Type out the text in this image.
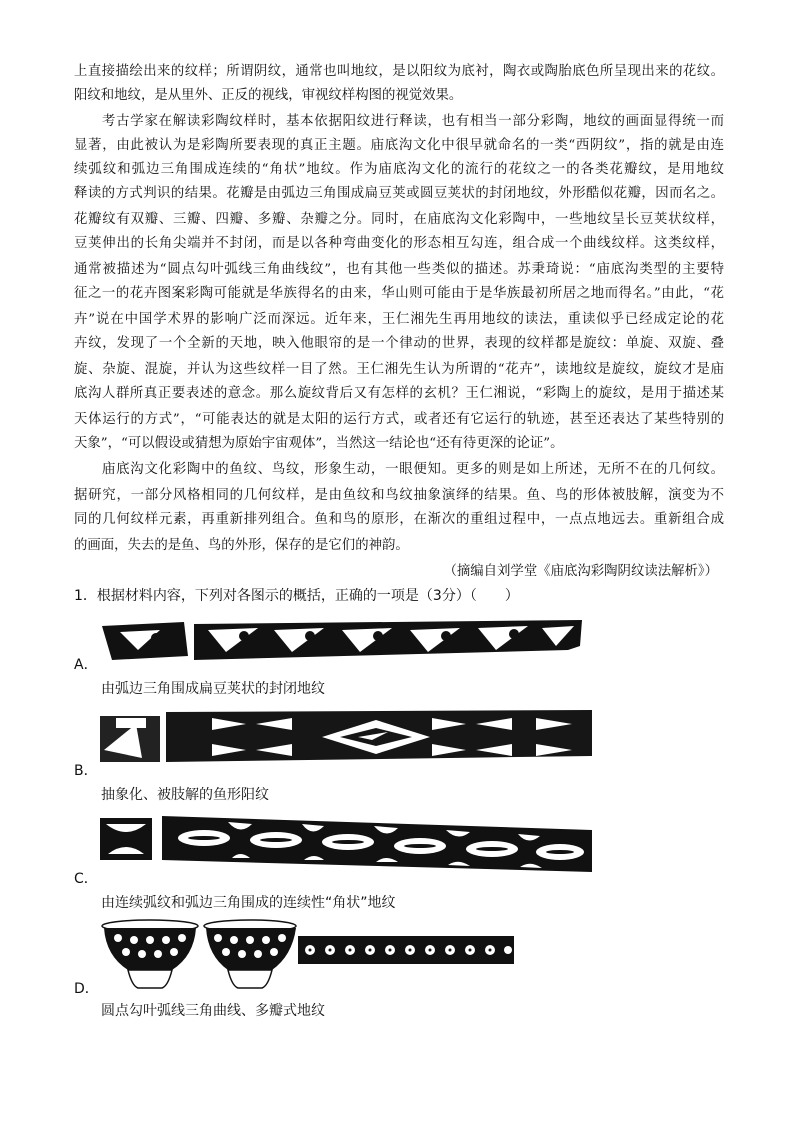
上直接描绘出来的纹样；所谓阴纹，通常也叫地纹，是以阳纹为底衬，陶衣或陶胎底色所呈现出来的花纹。
阳纹和地纹，是从里外、正反的视线，审视纹样构图的视觉效果。
考古学家在解读彩陶纹样时，基本依据阳纹进行释读，也有相当一部分彩陶，地纹的画面显得统一而
显著，由此被认为是彩陶所要表现的真正主题。庙底沟文化中很早就命名的一类“西阴纹”，指的就是由连
续弧纹和弧边三角围成连续的“角状”地纹。作为庙底沟文化的流行的花纹之一的各类花瓣纹，是用地纹
释读的方式判识的结果。花瓣是由弧边三角围成扁豆荚或圆豆荚状的封闭地纹，外形酷似花瓣，因而名之。
花瓣纹有双瓣、三瓣、四瓣、多瓣、杂瓣之分。同时，在庙底沟文化彩陶中，一些地纹呈长豆荚状纹样，
豆荚伸出的长角尖端并不封闭，而是以各种弯曲变化的形态相互勾连，组合成一个曲线纹样。这类纹样，
通常被描述为“圆点勾叶弧线三角曲线纹”，也有其他一些类似的描述。苏秉琦说：“庙底沟类型的主要特
征之一的花卉图案彩陶可能就是华族得名的由来，华山则可能由于是华族最初所居之地而得名。”由此，“花
卉”说在中国学术界的影响广泛而深远。近年来，王仁湘先生再用地纹的读法，重读似乎已经成定论的花
卉纹，发现了一个全新的天地，映入他眼帘的是一个律动的世界，表现的纹样都是旋纹：单旋、双旋、叠
旋、杂旋、混旋，并认为这些纹样一目了然。王仁湘先生认为所谓的“花卉”，读地纹是旋纹，旋纹才是庙
底沟人群所真正要表述的意念。那么旋纹背后又有怎样的玄机？王仁湘说，“彩陶上的旋纹，是用于描述某
天体运行的方式”，“可能表达的就是太阳的运行方式，或者还有它运行的轨迹，甚至还表达了某些特别的
天象”，“可以假设或猜想为原始宇宙观体”，当然这一结论也“还有待更深的论证”。
庙底沟文化彩陶中的鱼纹、鸟纹，形象生动，一眼便知。更多的则是如上所述，无所不在的几何纹。
据研究，一部分风格相同的几何纹样，是由鱼纹和鸟纹抽象演绎的结果。鱼、鸟的形体被肢解，演变为不
同的几何纹样元素，再重新排列组合。鱼和鸟的原形，在渐次的重组过程中，一点点地远去。重新组合成
的画面，失去的是鱼、鸟的外形，保存的是它们的神韵。
（摘编自刘学堂《庙底沟彩陶阴纹读法解析》）
1．根据材料内容，下列对各图示的概括，正确的一项是（3分）（　　）
A．
由弧边三角围成扁豆荚状的封闭地纹
B．
抽象化、被肢解的鱼形阳纹
C．
由连续弧纹和弧边三角围成的连续性“角状”地纹
D．
圆点勾叶弧线三角曲线、多瓣式地纹
